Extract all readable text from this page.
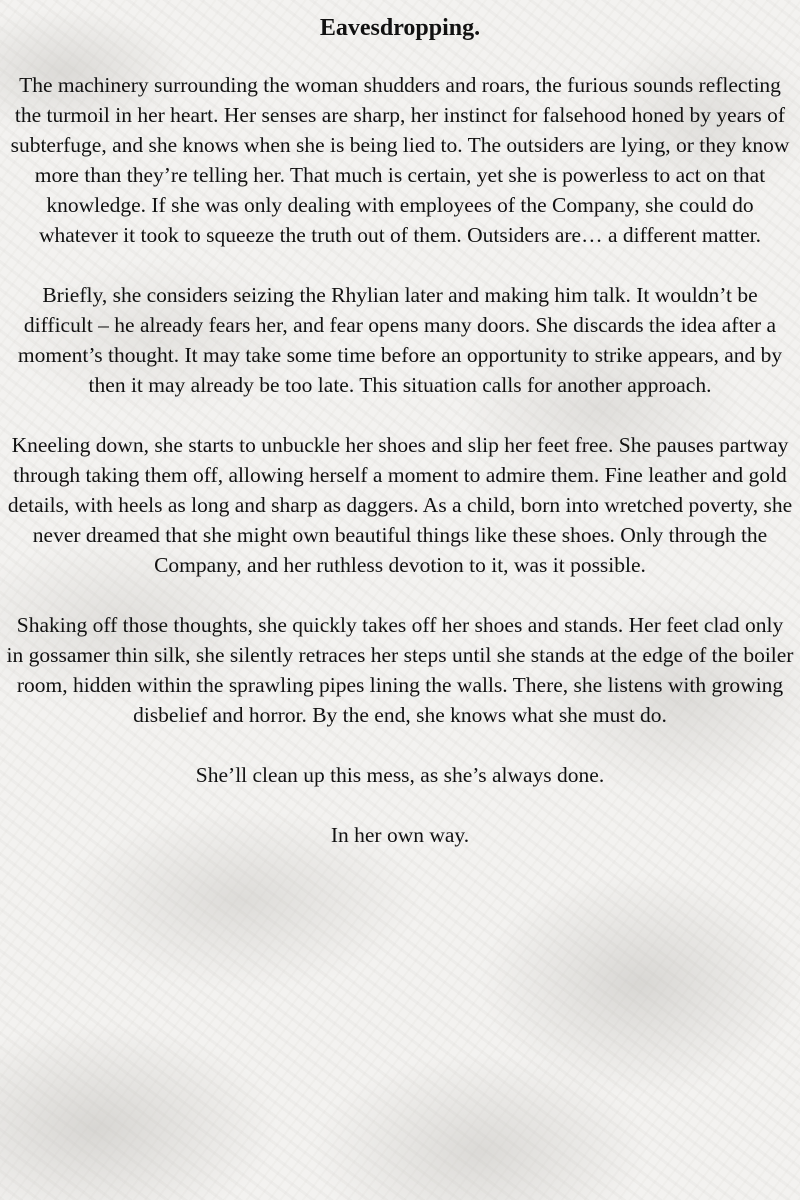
Eavesdropping.

The machinery surrounding the woman shudders and roars, the furious sounds reflecting the turmoil in her heart. Her senses are sharp, her instinct for falsehood honed by years of subterfuge, and she knows when she is being lied to. The outsiders are lying, or they know more than they’re telling her. That much is certain, yet she is powerless to act on that knowledge. If she was only dealing with employees of the Company, she could do whatever it took to squeeze the truth out of them. Outsiders are… a different matter.

Briefly, she considers seizing the Rhylian later and making him talk. It wouldn’t be difficult – he already fears her, and fear opens many doors. She discards the idea after a moment’s thought. It may take some time before an opportunity to strike appears, and by then it may already be too late. This situation calls for another approach.

Kneeling down, she starts to unbuckle her shoes and slip her feet free. She pauses partway through taking them off, allowing herself a moment to admire them. Fine leather and gold details, with heels as long and sharp as daggers. As a child, born into wretched poverty, she never dreamed that she might own beautiful things like these shoes. Only through the Company, and her ruthless devotion to it, was it possible.

Shaking off those thoughts, she quickly takes off her shoes and stands. Her feet clad only in gossamer thin silk, she silently retraces her steps until she stands at the edge of the boiler room, hidden within the sprawling pipes lining the walls. There, she listens with growing disbelief and horror. By the end, she knows what she must do.

She’ll clean up this mess, as she’s always done.

In her own way.
